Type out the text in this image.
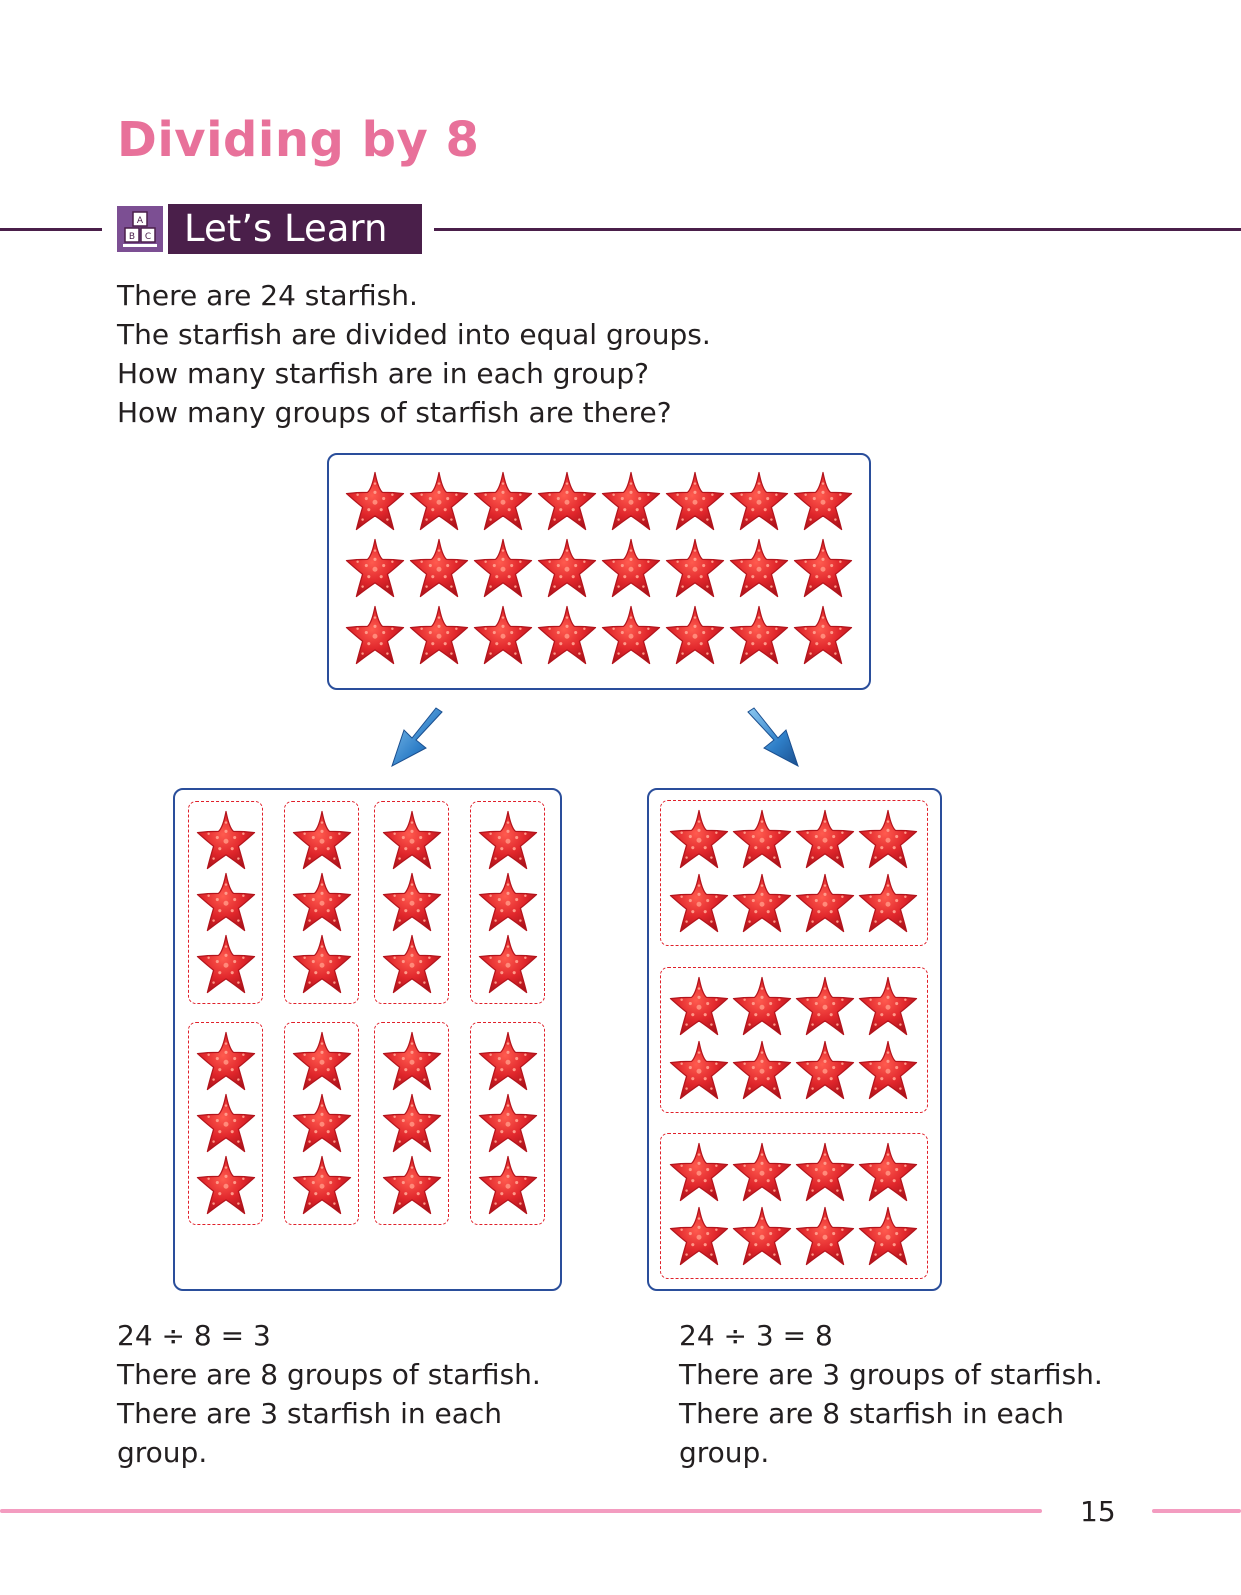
Dividing by 8
A
B C Let’s Learn
There are 24 starfish.
The starfish are divided into equal groups.
How many starfish are in each group?
How many groups of starfish are there?
24 ÷ 8 = 3
There are 8 groups of starfish.
There are 3 starfish in each
group.
24 ÷ 3 = 8
There are 3 groups of starfish.
There are 8 starfish in each
group.
15
